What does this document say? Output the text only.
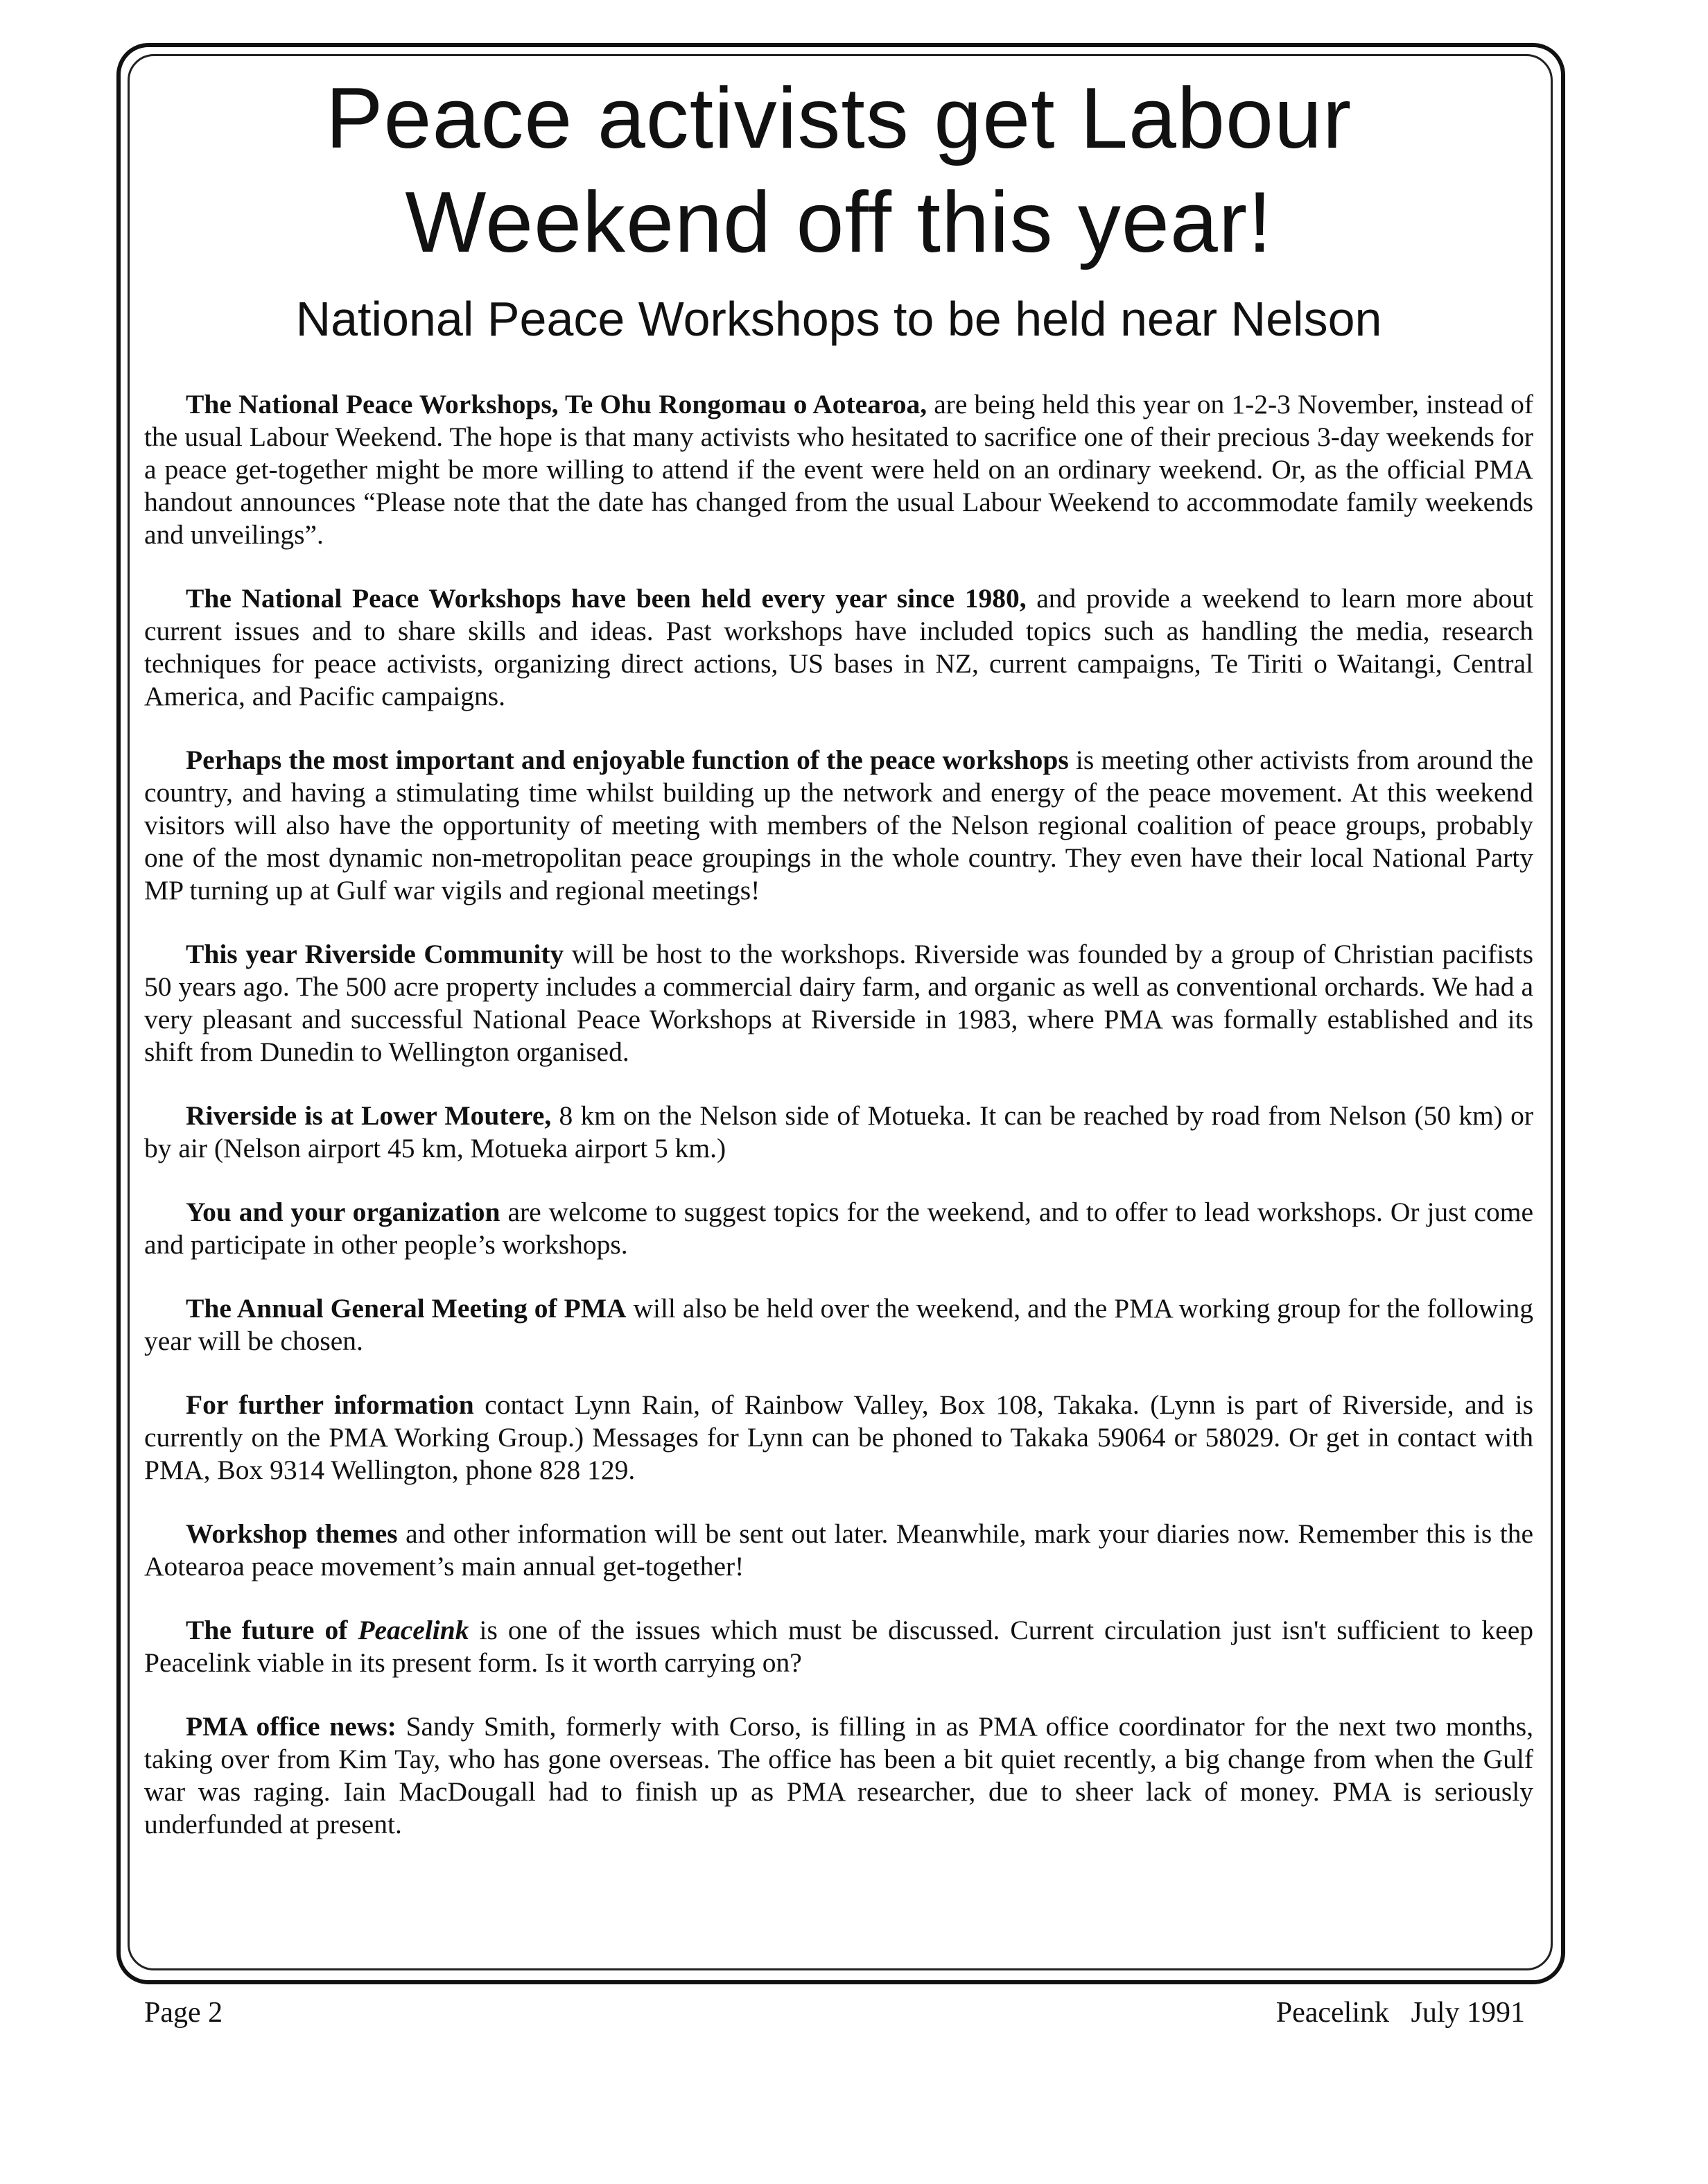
Peace activists get Labour Weekend off this year!
National Peace Workshops to be held near Nelson

The National Peace Workshops, Te Ohu Rongomau o Aotearoa, are being held this year on 1-2-3 November, instead of the usual Labour Weekend. The hope is that many activists who hesitated to sacrifice one of their precious 3-day weekends for a peace get-together might be more willing to attend if the event were held on an ordinary weekend. Or, as the official PMA handout announces “Please note that the date has changed from the usual Labour Weekend to accommodate family weekends and unveilings”.

The National Peace Workshops have been held every year since 1980, and provide a weekend to learn more about current issues and to share skills and ideas. Past workshops have included topics such as handling the media, research techniques for peace activists, organizing direct actions, US bases in NZ, current campaigns, Te Tiriti o Waitangi, Central America, and Pacific campaigns.

Perhaps the most important and enjoyable function of the peace workshops is meeting other activists from around the country, and having a stimulating time whilst building up the network and energy of the peace movement. At this weekend visitors will also have the opportunity of meeting with members of the Nelson regional coalition of peace groups, probably one of the most dynamic non-metropolitan peace groupings in the whole country. They even have their local National Party MP turning up at Gulf war vigils and regional meetings!

This year Riverside Community will be host to the workshops. Riverside was founded by a group of Christian pacifists 50 years ago. The 500 acre property includes a commercial dairy farm, and organic as well as conventional orchards. We had a very pleasant and successful National Peace Workshops at Riverside in 1983, where PMA was formally established and its shift from Dunedin to Wellington organised.

Riverside is at Lower Moutere, 8 km on the Nelson side of Motueka. It can be reached by road from Nelson (50 km) or by air (Nelson airport 45 km, Motueka airport 5 km.)

You and your organization are welcome to suggest topics for the weekend, and to offer to lead workshops. Or just come and participate in other people’s workshops.

The Annual General Meeting of PMA will also be held over the weekend, and the PMA working group for the following year will be chosen.

For further information contact Lynn Rain, of Rainbow Valley, Box 108, Takaka. (Lynn is part of Riverside, and is currently on the PMA Working Group.) Messages for Lynn can be phoned to Takaka 59064 or 58029. Or get in contact with PMA, Box 9314 Wellington, phone 828 129.

Workshop themes and other information will be sent out later. Meanwhile, mark your diaries now. Remember this is the Aotearoa peace movement’s main annual get-together!

The future of Peacelink is one of the issues which must be discussed. Current circulation just isn't sufficient to keep Peacelink viable in its present form. Is it worth carrying on?

PMA office news: Sandy Smith, formerly with Corso, is filling in as PMA office coordinator for the next two months, taking over from Kim Tay, who has gone overseas. The office has been a bit quiet recently, a big change from when the Gulf war was raging. Iain MacDougall had to finish up as PMA researcher, due to sheer lack of money. PMA is seriously underfunded at present.

Page 2	Peacelink   July 1991
